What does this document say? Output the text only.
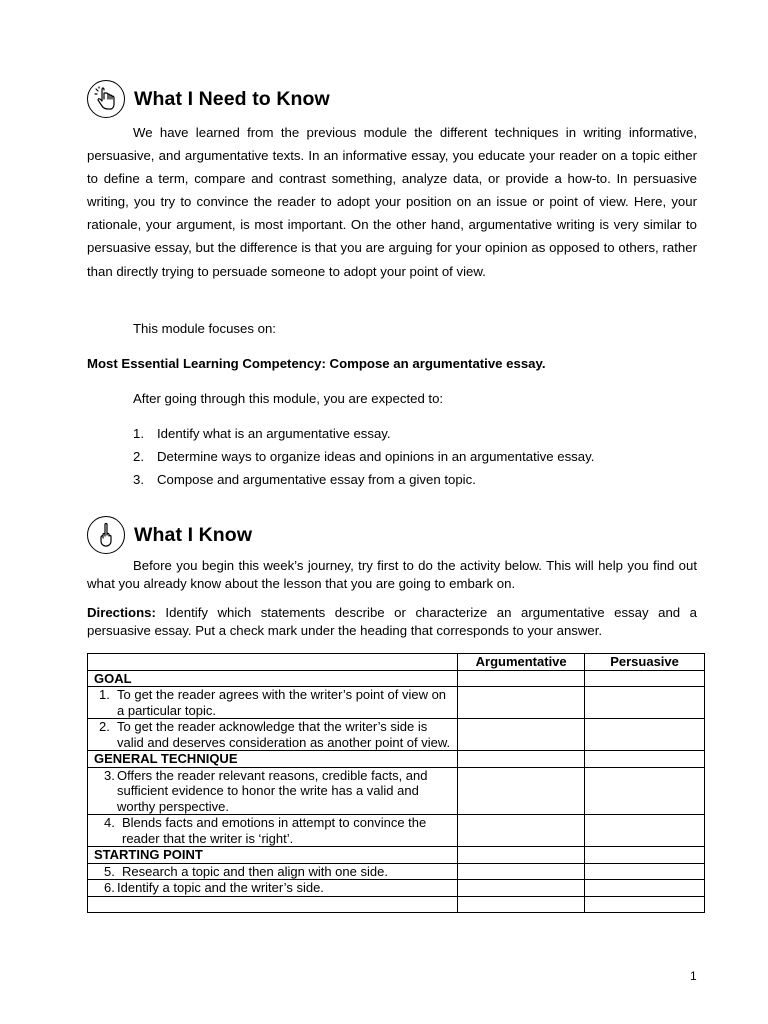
What I Need to Know

We have learned from the previous module the different techniques in writing informative, persuasive, and argumentative texts. In an informative essay, you educate your reader on a topic either to define a term, compare and contrast something, analyze data, or provide a how-to. In persuasive writing, you try to convince the reader to adopt your position on an issue or point of view. Here, your rationale, your argument, is most important. On the other hand, argumentative writing is very similar to persuasive essay, but the difference is that you are arguing for your opinion as opposed to others, rather than directly trying to persuade someone to adopt your point of view.

This module focuses on:

Most Essential Learning Competency: Compose an argumentative essay.

After going through this module, you are expected to:

1. Identify what is an argumentative essay.
2. Determine ways to organize ideas and opinions in an argumentative essay.
3. Compose and argumentative essay from a given topic.
What I Know

Before you begin this week’s journey, try first to do the activity below. This will help you find out what you already know about the lesson that you are going to embark on.

Directions: Identify which statements describe or characterize an argumentative essay and a persuasive essay. Put a check mark under the heading that corresponds to your answer.

	Argumentative	Persuasive
GOAL		

1. To get the reader agrees with the writer’s point of view on a particular topic.		

2. To get the reader acknowledge that the writer’s side is valid and deserves consideration as another point of view.		

GENERAL TECHNIQUE		

3. Offers the reader relevant reasons, credible facts, and sufficient evidence to honor the write has a valid and worthy perspective.		

4. Blends facts and emotions in attempt to convince the reader that the writer is ‘right’.		

STARTING POINT		

5. Research a topic and then align with one side.		

6. Identify a topic and the writer’s side.		

1
